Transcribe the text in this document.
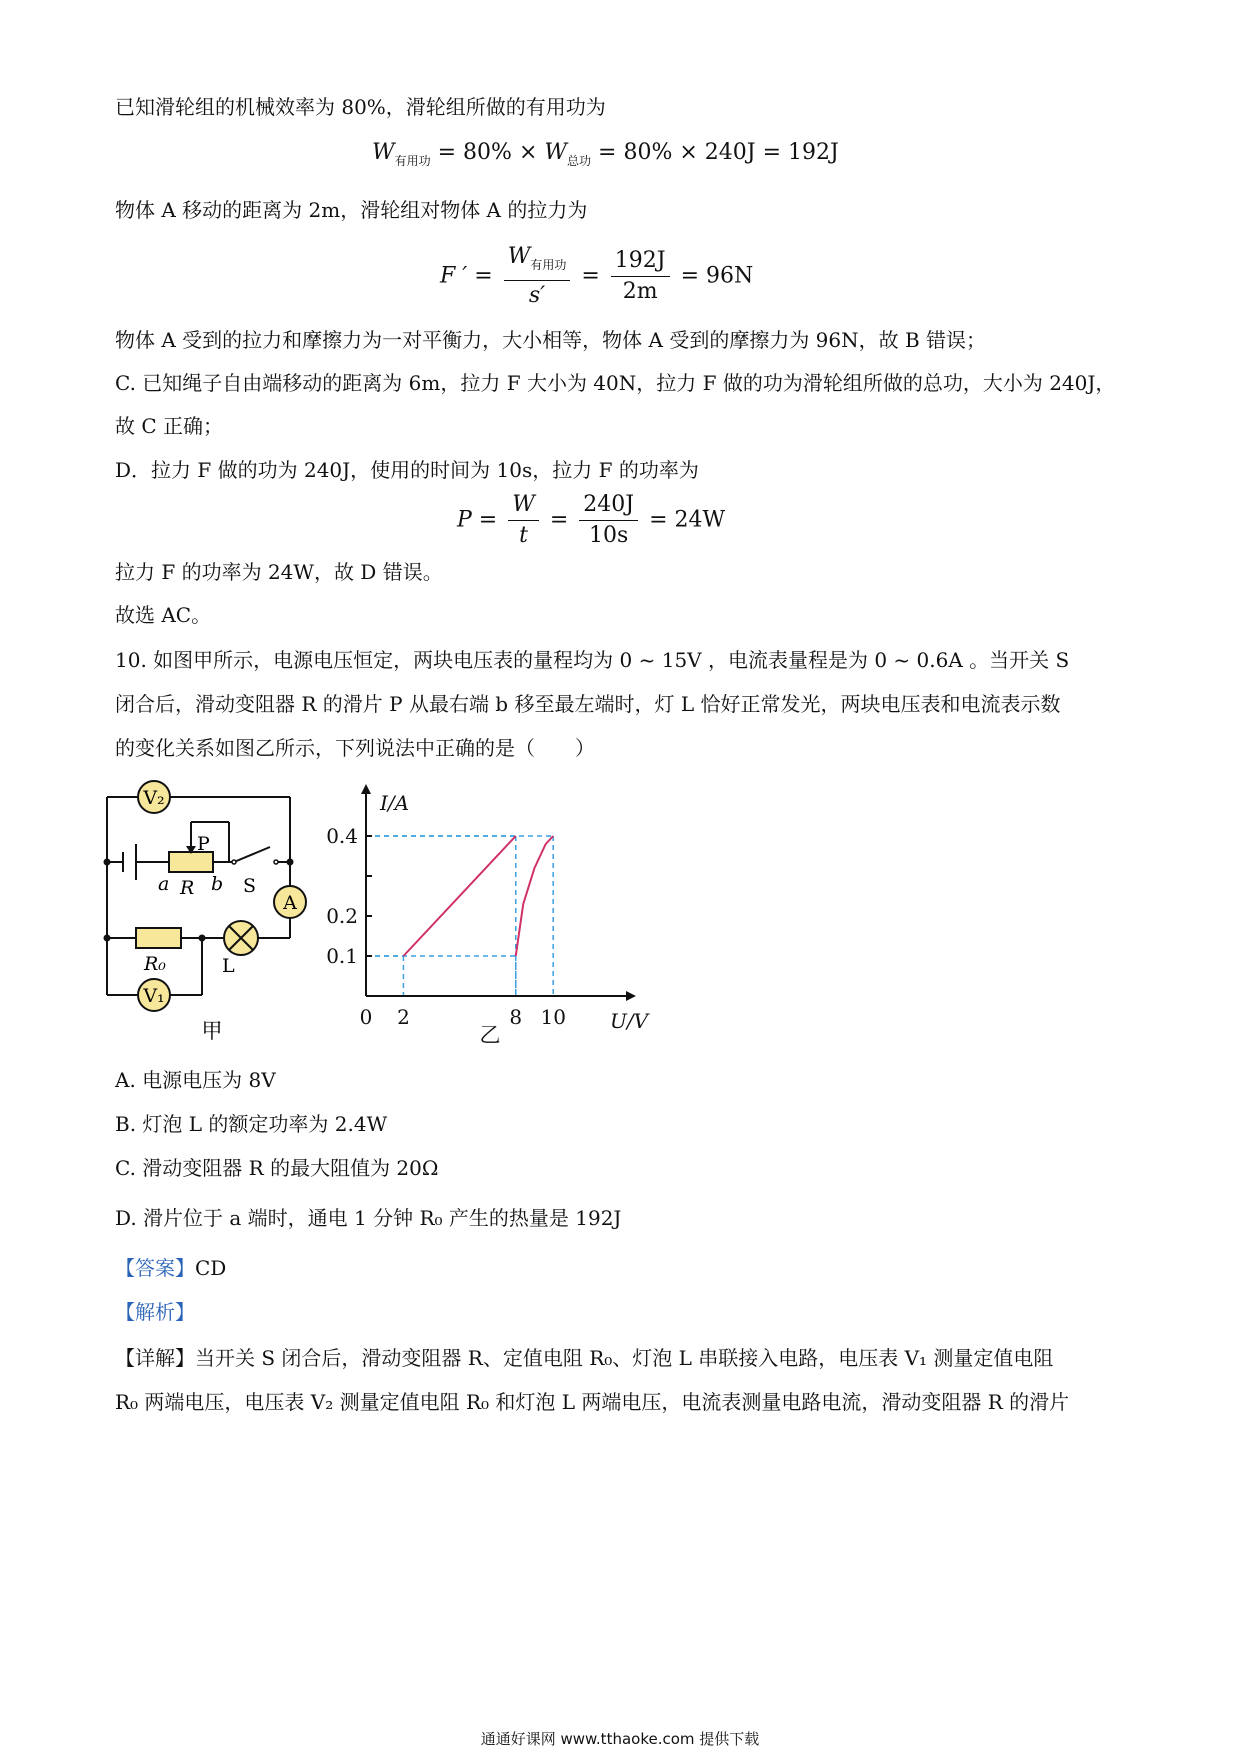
已知滑轮组的机械效率为 80%，滑轮组所做的有用功为
$W_{有用功} = 80\% \times W_{总功} = 80\% \times 240J = 192J$
物体 A 移动的距离为 2m，滑轮组对物体 A 的拉力为
F ′ = $\frac{W_{有用功}}{s'} = \frac{192J}{2m} = 96N$
物体 A 受到的拉力和摩擦力为一对平衡力，大小相等，物体 A 受到的摩擦力为 96N，故 B 错误；
C. 已知绳子自由端移动的距离为 6m，拉力 F 大小为 40N，拉力 F 做的功为滑轮组所做的总功，大小为 240J，
故 C 正确；
D．拉力 F 做的功为 240J，使用的时间为 10s，拉力 F 的功率为
$P = \frac{W}{t} = \frac{240J}{10s} = 24W$
拉力 F 的功率为 24W，故 D 错误。
故选 AC。
10. 如图甲所示，电源电压恒定，两块电压表的量程均为 0 ~ 15V ，电流表量程是为 0 ~ 0.6A 。当开关 S
闭合后，滑动变阻器 R 的滑片 P 从最右端 b 移至最左端时，灯 L 恰好正常发光，两块电压表和电流表示数
的变化关系如图乙所示，下列说法中正确的是（　　）
V₂
V₁
A
P
a R b S
R₀	L
甲
0 2	8 10
0.1
0.2
0.4
U/V
I/A
乙
A. 电源电压为 8V
B. 灯泡 L 的额定功率为 2.4W
C. 滑动变阻器 R 的最大阻值为 20Ω
D. 滑片位于 a 端时，通电 1 分钟 R₀ 产生的热量是 192J
【答案】CD
【解析】
【详解】当开关 S 闭合后，滑动变阻器 R、定值电阻 R₀、灯泡 L 串联接入电路，电压表 V₁ 测量定值电阻
R₀ 两端电压，电压表 V₂ 测量定值电阻 R₀ 和灯泡 L 两端电压，电流表测量电路电流，滑动变阻器 R 的滑片
通通好课网 www.tthaoke.com 提供下载
